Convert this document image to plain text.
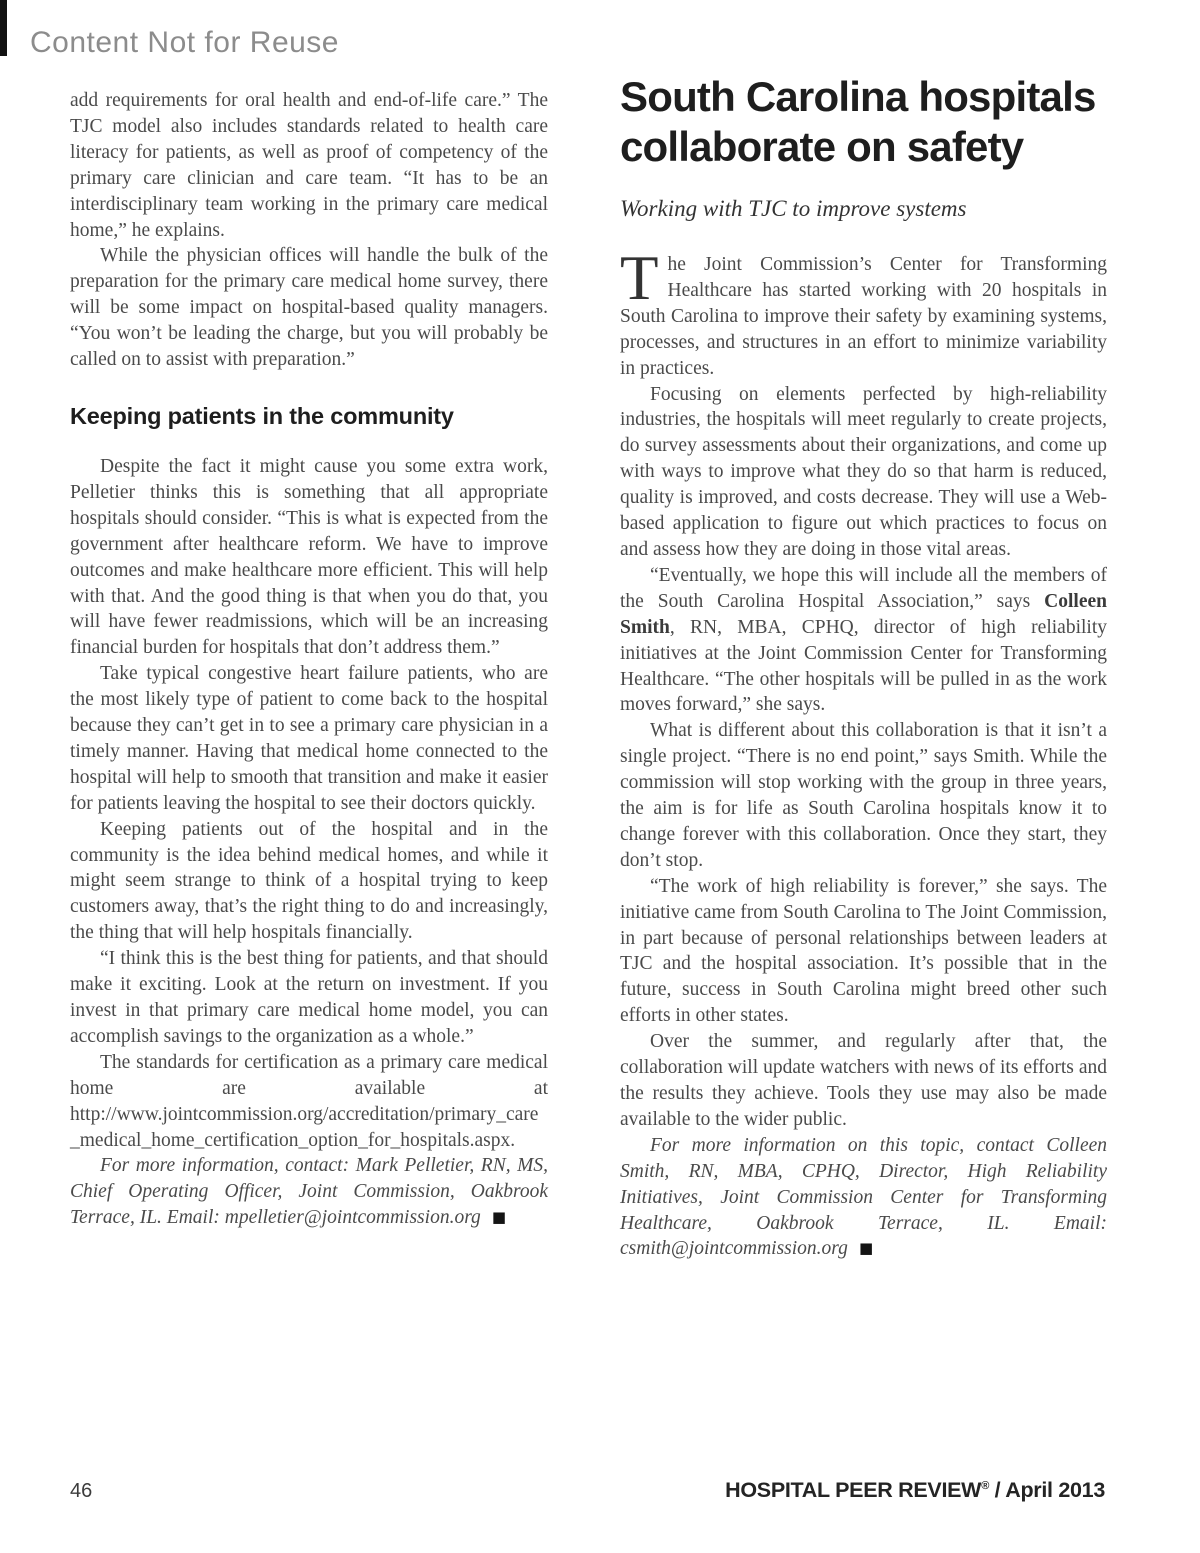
Content Not for Reuse

add requirements for oral health and end-of-life care.” The TJC model also includes standards related to health care literacy for patients, as well as proof of competency of the primary care clinician and care team. “It has to be an interdisciplinary team working in the primary care medical home,” he explains.

While the physician offices will handle the bulk of the preparation for the primary care medical home survey, there will be some impact on hospital-based quality managers. “You won’t be leading the charge, but you will probably be called on to assist with preparation.”

Keeping patients in the community

Despite the fact it might cause you some extra work, Pelletier thinks this is something that all appropriate hospitals should consider. “This is what is expected from the government after healthcare reform. We have to improve outcomes and make healthcare more efficient. This will help with that. And the good thing is that when you do that, you will have fewer readmissions, which will be an increasing financial burden for hospitals that don’t address them.”

Take typical congestive heart failure patients, who are the most likely type of patient to come back to the hospital because they can’t get in to see a primary care physician in a timely manner. Having that medical home connected to the hospital will help to smooth that transition and make it easier for patients leaving the hospital to see their doctors quickly.

Keeping patients out of the hospital and in the community is the idea behind medical homes, and while it might seem strange to think of a hospital trying to keep customers away, that’s the right thing to do and increasingly, the thing that will help hospitals financially.

“I think this is the best thing for patients, and that should make it exciting. Look at the return on investment. If you invest in that primary care medical home model, you can accomplish savings to the organization as a whole.”

The standards for certification as a primary care medical home are available at http://www.jointcommission.org/accreditation/primary_care_medical_home_certification_option_for_hospitals.aspx.

For more information, contact: Mark Pelletier, RN, MS, Chief Operating Officer, Joint Commission, Oakbrook Terrace, IL. Email: mpelletier@jointcommission.org ■

South Carolina hospitals collaborate on safety
Working with TJC to improve systems

The Joint Commission’s Center for Transforming Healthcare has started working with 20 hospitals in South Carolina to improve their safety by examining systems, processes, and structures in an effort to minimize variability in practices.

Focusing on elements perfected by high-reliability industries, the hospitals will meet regularly to create projects, do survey assessments about their organizations, and come up with ways to improve what they do so that harm is reduced, quality is improved, and costs decrease. They will use a Web-based application to figure out which practices to focus on and assess how they are doing in those vital areas.

“Eventually, we hope this will include all the members of the South Carolina Hospital Association,” says Colleen Smith, RN, MBA, CPHQ, director of high reliability initiatives at the Joint Commission Center for Transforming Healthcare. “The other hospitals will be pulled in as the work moves forward,” she says.

What is different about this collaboration is that it isn’t a single project. “There is no end point,” says Smith. While the commission will stop working with the group in three years, the aim is for life as South Carolina hospitals know it to change forever with this collaboration. Once they start, they don’t stop.

“The work of high reliability is forever,” she says. The initiative came from South Carolina to The Joint Commission, in part because of personal relationships between leaders at TJC and the hospital association. It’s possible that in the future, success in South Carolina might breed other such efforts in other states.

Over the summer, and regularly after that, the collaboration will update watchers with news of its efforts and the results they achieve. Tools they use may also be made available to the wider public.

For more information on this topic, contact Colleen Smith, RN, MBA, CPHQ, Director, High Reliability Initiatives, Joint Commission Center for Transforming Healthcare, Oakbrook Terrace, IL. Email: csmith@jointcommission.org ■

46	HOSPITAL PEER REVIEW® / April 2013
